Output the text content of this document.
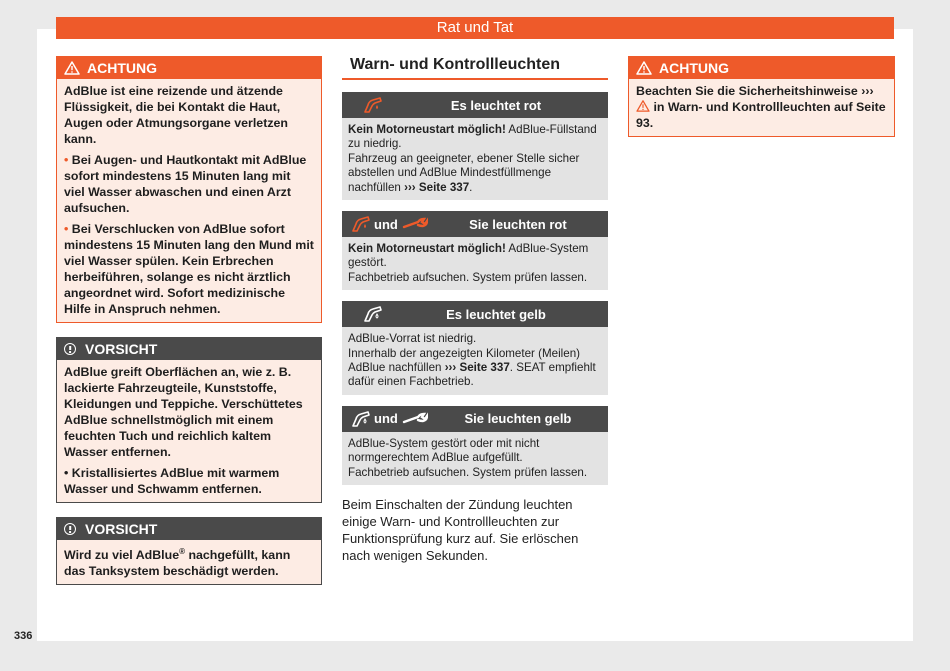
Rat und Tat
ACHTUNG

AdBlue ist eine reizende und ätzende Flüssigkeit, die bei Kontakt die Haut, Augen oder Atmungsorgane verletzen kann.

• Bei Augen- und Hautkontakt mit AdBlue sofort mindestens 15 Minuten lang mit viel Wasser abwaschen und einen Arzt aufsuchen.

• Bei Verschlucken von AdBlue sofort mindestens 15 Minuten lang den Mund mit viel Wasser spülen. Kein Erbrechen herbeiführen, solange es nicht ärztlich angeordnet wird. Sofort medizinische Hilfe in Anspruch nehmen.

VORSICHT

AdBlue greift Oberflächen an, wie z. B. lackierte Fahrzeugteile, Kunststoffe, Kleidungen und Teppiche. Verschüttetes AdBlue schnellstmöglich mit einem feuchten Tuch und reichlich kaltem Wasser entfernen.

• Kristallisiertes AdBlue mit warmem Wasser und Schwamm entfernen.

VORSICHT

Wird zu viel AdBlue® nachgefüllt, kann das Tanksystem beschädigt werden.

Warn- und Kontrollleuchten
Es leuchtet rot
Kein Motorneustart möglich! AdBlue-Füllstand zu niedrig.
Fahrzeug an geeigneter, ebener Stelle sicher abstellen und AdBlue Mindestfüllmenge nachfüllen ››› Seite 337.
und	Sie leuchten rot
Kein Motorneustart möglich! AdBlue-System gestört.
Fachbetrieb aufsuchen. System prüfen lassen.
Es leuchtet gelb
AdBlue-Vorrat ist niedrig.
Innerhalb der angezeigten Kilometer (Meilen) AdBlue nachfüllen ››› Seite 337. SEAT empfiehlt dafür einen Fachbetrieb.
und	Sie leuchten gelb
AdBlue-System gestört oder mit nicht normgerechtem AdBlue aufgefüllt.
Fachbetrieb aufsuchen. System prüfen lassen.
Beim Einschalten der Zündung leuchten einige Warn- und Kontrollleuchten zur Funktionsprüfung kurz auf. Sie erlöschen nach wenigen Sekunden.
ACHTUNG

Beachten Sie die Sicherheitshinweise ›››  in Warn- und Kontrollleuchten auf Seite 93.

336
